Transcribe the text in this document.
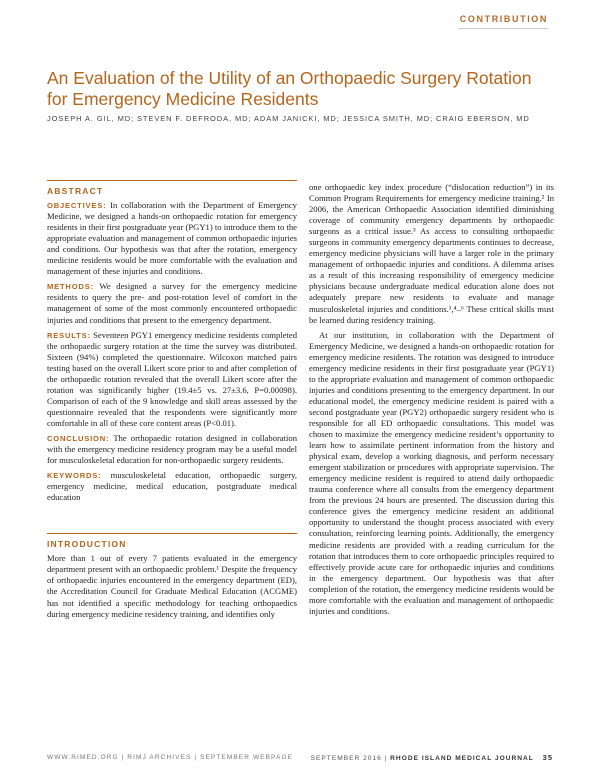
CONTRIBUTION
An Evaluation of the Utility of an Orthopaedic Surgery Rotation for Emergency Medicine Residents
JOSEPH A. GIL, MD; STEVEN F. DEFRODA, MD; ADAM JANICKI, MD; JESSICA SMITH, MD; CRAIG EBERSON, MD
ABSTRACT

OBJECTIVES: In collaboration with the Department of Emergency Medicine, we designed a hands-on orthopaedic rotation for emergency residents in their first postgraduate year (PGY1) to introduce them to the appropriate evaluation and management of common orthopaedic injuries and conditions. Our hypothesis was that after the rotation, emergency medicine residents would be more comfortable with the evaluation and management of these injuries and conditions.

METHODS: We designed a survey for the emergency medicine residents to query the pre- and post-rotation level of comfort in the management of some of the most commonly encountered orthopaedic injuries and conditions that present to the emergency department.

RESULTS: Seventeen PGY1 emergency medicine residents completed the orthopaedic surgery rotation at the time the survey was distributed. Sixteen (94%) completed the questionnaire. Wilcoxon matched pairs testing based on the overall Likert score prior to and after completion of the orthopaedic rotation revealed that the overall Likert score after the rotation was significantly higher (19.4±5 vs. 27±3.6, P=0.00098). Comparison of each of the 9 knowledge and skill areas assessed by the questionnaire revealed that the respondents were significantly more comfortable in all of these core content areas (P<0.01).

CONCLUSION: The orthopaedic rotation designed in collaboration with the emergency medicine residency program may be a useful model for musculoskeletal education for non-orthopaedic surgery residents.

KEYWORDS: musculoskeletal education, orthopaedic surgery, emergency medicine, medical education, postgraduate medical education

INTRODUCTION

More than 1 out of every 7 patients evaluated in the emergency department present with an orthopaedic problem.¹ Despite the frequency of orthopaedic injuries encountered in the emergency department (ED), the Accreditation Council for Graduate Medical Education (ACGME) has not identified a specific methodology for teaching orthopaedics during emergency medicine residency training, and identifies only

one orthopaedic key index procedure (“dislocation reduction”) in its Common Program Requirements for emergency medicine training.² In 2006, the American Orthopaedic Association identified diminishing coverage of community emergency departments by orthopaedic surgeons as a critical issue.³ As access to consulting orthopaedic surgeons in community emergency departments continues to decrease, emergency medicine physicians will have a larger role in the primary management of orthopaedic injuries and conditions. A dilemma arises as a result of this increasing responsibility of emergency medicine physicians because undergraduate medical education alone does not adequately prepare new residents to evaluate and manage musculoskeletal injuries and conditions.¹,⁴–⁶ These critical skills must be learned during residency training.

At our institution, in collaboration with the Department of Emergency Medicine, we designed a hands-on orthopaedic rotation for emergency medicine residents. The rotation was designed to introduce emergency medicine residents in their first postgraduate year (PGY1) to the appropriate evaluation and management of common orthopaedic injuries and conditions presenting to the emergency department. In our educational model, the emergency medicine resident is paired with a second postgraduate year (PGY2) orthopaedic surgery resident who is responsible for all ED orthopaedic consultations. This model was chosen to maximize the emergency medicine resident’s opportunity to learn how to assimilate pertinent information from the history and physical exam, develop a working diagnosis, and perform necessary emergent stabilization or procedures with appropriate supervision. The emergency medicine resident is required to attend daily orthopaedic trauma conference where all consults from the emergency department from the previous 24 hours are presented. The discussion during this conference gives the emergency medicine resident an additional opportunity to understand the thought process associated with every consultation, reinforcing learning points. Additionally, the emergency medicine residents are provided with a reading curriculum for the rotation that introduces them to core orthopaedic principles required to effectively provide acute care for orthopaedic injuries and conditions in the emergency department. Our hypothesis was that after completion of the rotation, the emergency medicine residents would be more comfortable with the evaluation and management of orthopaedic injuries and conditions.

WWW.RIMED.ORG | RIMJ ARCHIVES | SEPTEMBER WEBPAGE	SEPTEMBER 2016 | RHODE ISLAND MEDICAL JOURNAL 35
